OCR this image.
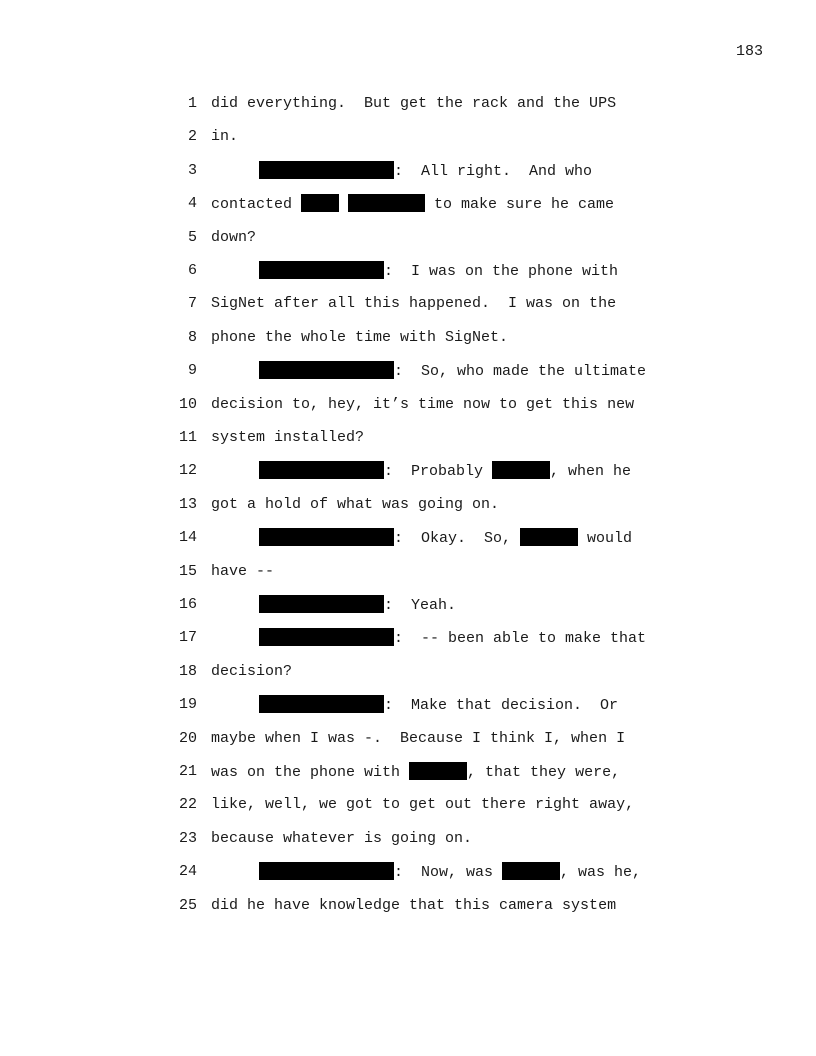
183
1 did everything.  But get the rack and the UPS
2 in.
3	:  All right.  And who
4 contacted	to make sure he came
5 down?
6	:  I was on the phone with
7 SigNet after all this happened.  I was on the
8 phone the whole time with SigNet.
9	:  So, who made the ultimate
10 decision to, hey, it’s time now to get this new
11 system installed?
12	:  Probably	, when he
13 got a hold of what was going on.
14	:  Okay.  So,	would
15 have --
16	:  Yeah.
17	:  -- been able to make that
18 decision?
19	:  Make that decision.  Or
20 maybe when I was -.  Because I think I, when I
21 was on the phone with	, that they were,
22 like, well, we got to get out there right away,
23 because whatever is going on.
24	:  Now, was	, was he,
25 did he have knowledge that this camera system
